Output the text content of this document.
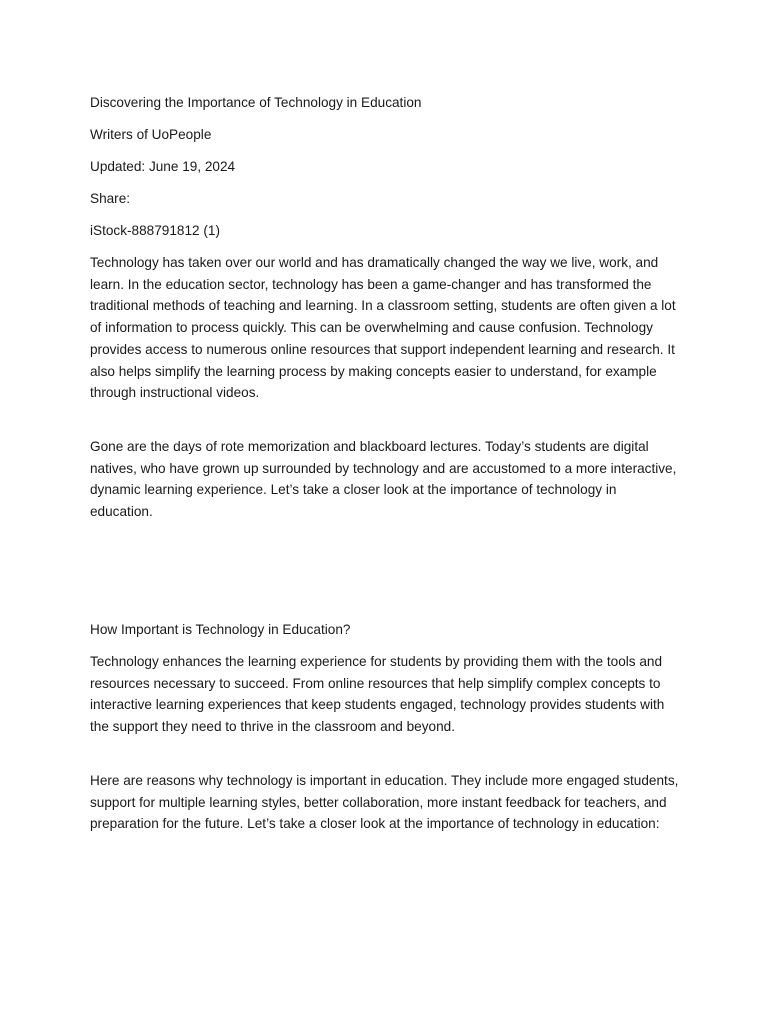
Discovering the Importance of Technology in Education

Writers of UoPeople

Updated: June 19, 2024

Share:

iStock-888791812 (1)

Technology has taken over our world and has dramatically changed the way we live, work, and learn. In the education sector, technology has been a game-changer and has transformed the traditional methods of teaching and learning. In a classroom setting, students are often given a lot of information to process quickly. This can be overwhelming and cause confusion. Technology provides access to numerous online resources that support independent learning and research. It also helps simplify the learning process by making concepts easier to understand, for example through instructional videos.

Gone are the days of rote memorization and blackboard lectures. Today’s students are digital natives, who have grown up surrounded by technology and are accustomed to a more interactive, dynamic learning experience. Let’s take a closer look at the importance of technology in education.

How Important is Technology in Education?

Technology enhances the learning experience for students by providing them with the tools and resources necessary to succeed. From online resources that help simplify complex concepts to interactive learning experiences that keep students engaged, technology provides students with the support they need to thrive in the classroom and beyond.

Here are reasons why technology is important in education. They include more engaged students, support for multiple learning styles, better collaboration, more instant feedback for teachers, and preparation for the future. Let’s take a closer look at the importance of technology in education:
